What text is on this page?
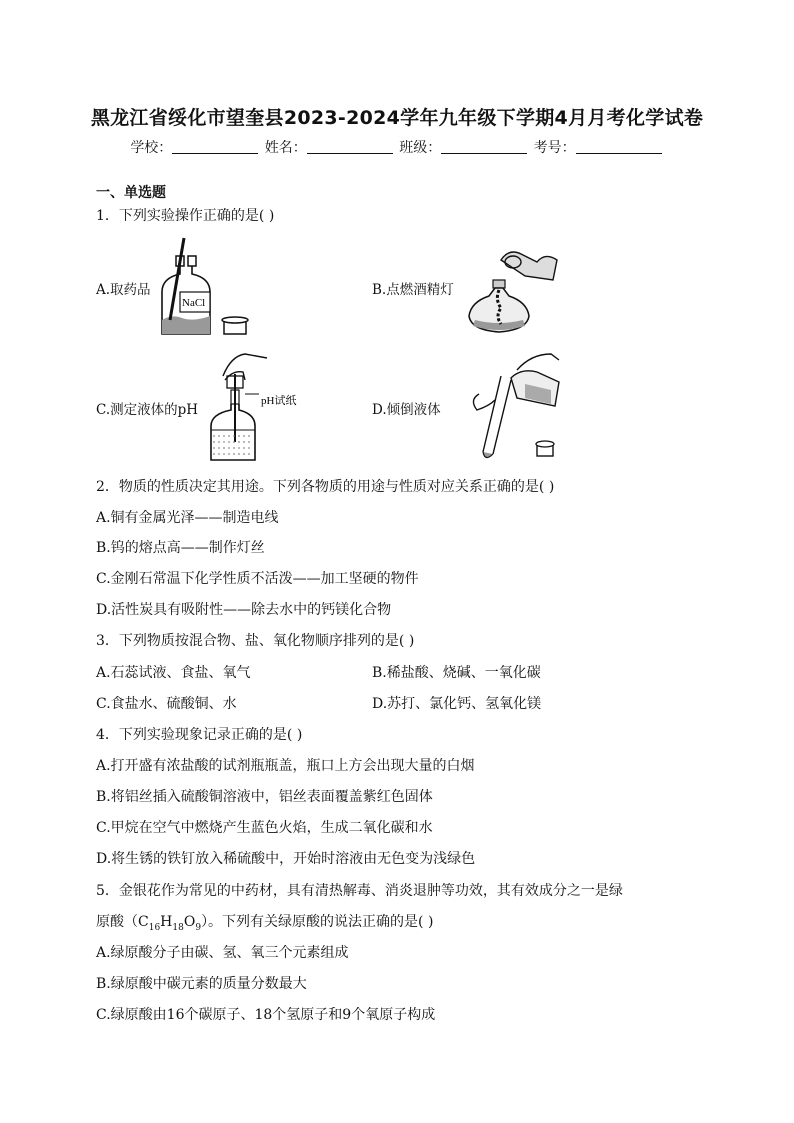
黑龙江省绥化市望奎县2023-2024学年九年级下学期4月月考化学试卷
学校：	姓名：	班级：	考号：
一、单选题
1．下列实验操作正确的是( )
A.取药品
NaCl
B.点燃酒精灯
C.测定液体的pH
pH试纸
D.倾倒液体
2．物质的性质决定其用途。下列各物质的用途与性质对应关系正确的是( )
A.铜有金属光泽——制造电线
B.钨的熔点高——制作灯丝
C.金刚石常温下化学性质不活泼——加工坚硬的物件
D.活性炭具有吸附性——除去水中的钙镁化合物
3．下列物质按混合物、盐、氧化物顺序排列的是( )
A.石蕊试液、食盐、氧气	B.稀盐酸、烧碱、一氧化碳
C.食盐水、硫酸铜、水	D.苏打、氯化钙、氢氧化镁
4．下列实验现象记录正确的是( )
A.打开盛有浓盐酸的试剂瓶瓶盖，瓶口上方会出现大量的白烟
B.将铝丝插入硫酸铜溶液中，铝丝表面覆盖紫红色固体
C.甲烷在空气中燃烧产生蓝色火焰，生成二氧化碳和水
D.将生锈的铁钉放入稀硫酸中，开始时溶液由无色变为浅绿色
5．金银花作为常见的中药材，具有清热解毒、消炎退肿等功效，其有效成分之一是绿
原酸$(C_{16}H_{18}O_9)$。下列有关绿原酸的说法正确的是( )
A.绿原酸分子由碳、氢、氧三个元素组成
B.绿原酸中碳元素的质量分数最大
C.绿原酸由16个碳原子、18个氢原子和9个氧原子构成
